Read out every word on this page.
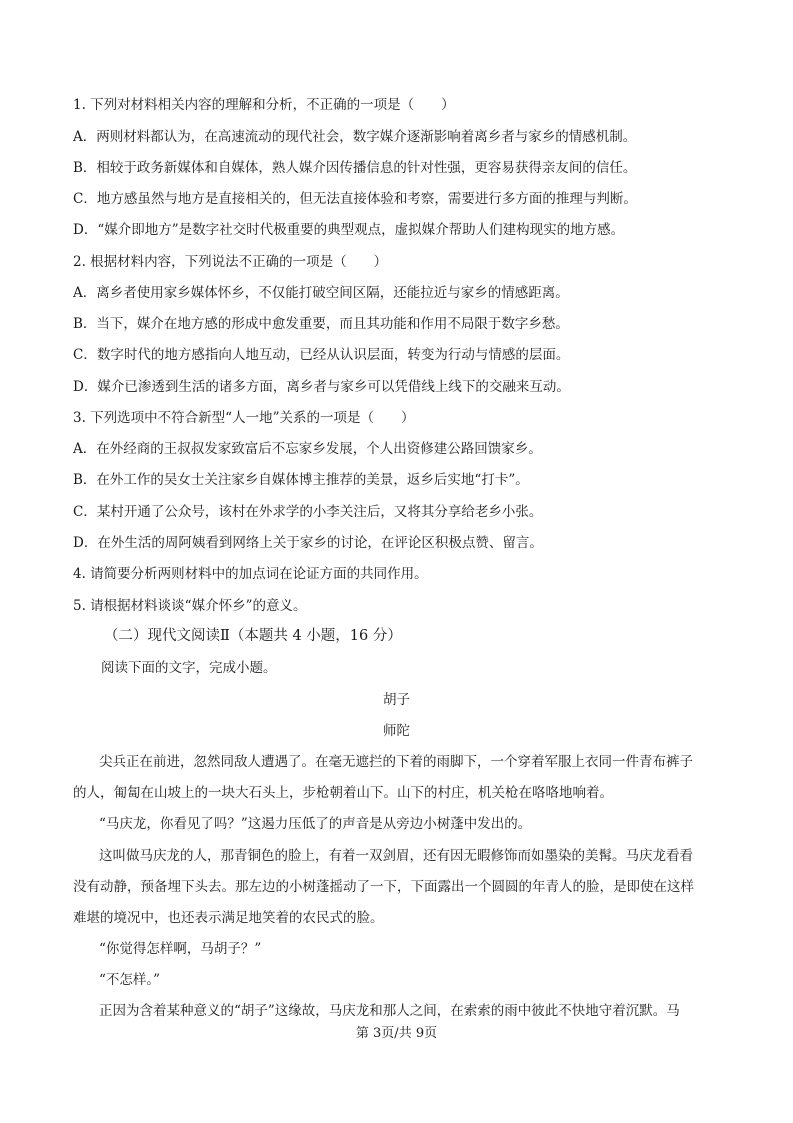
1. 下列对材料相关内容的理解和分析，不正确的一项是（　　）
A．两则材料都认为，在高速流动的现代社会，数字媒介逐渐影响着离乡者与家乡的情感机制。
B．相较于政务新媒体和自媒体，熟人媒介因传播信息的针对性强，更容易获得亲友间的信任。
C．地方感虽然与地方是直接相关的，但无法直接体验和考察，需要进行多方面的推理与判断。
D．“媒介即地方”是数字社交时代极重要的典型观点，虚拟媒介帮助人们建构现实的地方感。
2. 根据材料内容，下列说法不正确的一项是（　　）
A．离乡者使用家乡媒体怀乡，不仅能打破空间区隔，还能拉近与家乡的情感距离。
B．当下，媒介在地方感的形成中愈发重要，而且其功能和作用不局限于数字乡愁。
C．数字时代的地方感指向人地互动，已经从认识层面，转变为行动与情感的层面。
D．媒介已渗透到生活的诸多方面，离乡者与家乡可以凭借线上线下的交融来互动。
3. 下列选项中不符合新型“人一地”关系的一项是（　　）
A．在外经商的王叔叔发家致富后不忘家乡发展，个人出资修建公路回馈家乡。
B．在外工作的吴女士关注家乡自媒体博主推荐的美景，返乡后实地“打卡”。
C．某村开通了公众号，该村在外求学的小李关注后，又将其分享给老乡小张。
D．在外生活的周阿姨看到网络上关于家乡的讨论，在评论区积极点赞、留言。
4. 请简要分析两则材料中的加点词在论证方面的共同作用。
5. 请根据材料谈谈“媒介怀乡”的意义。
（二）现代文阅读Ⅱ（本题共 4 小题，16 分）
阅读下面的文字，完成小题。
胡子
师陀
尖兵正在前进，忽然同敌人遭遇了。在毫无遮拦的下着的雨脚下，一个穿着军服上衣同一件青布裤子
的人，匍匐在山坡上的一块大石头上，步枪朝着山下。山下的村庄，机关枪在咯咯地响着。
“马庆龙，你看见了吗？”这遏力压低了的声音是从旁边小树蓬中发出的。
这叫做马庆龙的人，那青铜色的脸上，有着一双剑眉，还有因无暇修饰而如墨染的美髯。马庆龙看看
没有动静，预备埋下头去。那左边的小树蓬摇动了一下，下面露出一个圆圆的年青人的脸，是即使在这样
难堪的境况中，也还表示满足地笑着的农民式的脸。
“你觉得怎样啊，马胡子？”
“不怎样。”
正因为含着某种意义的“胡子”这缘故，马庆龙和那人之间，在索索的雨中彼此不快地守着沉默。马
第 3页/共 9页
